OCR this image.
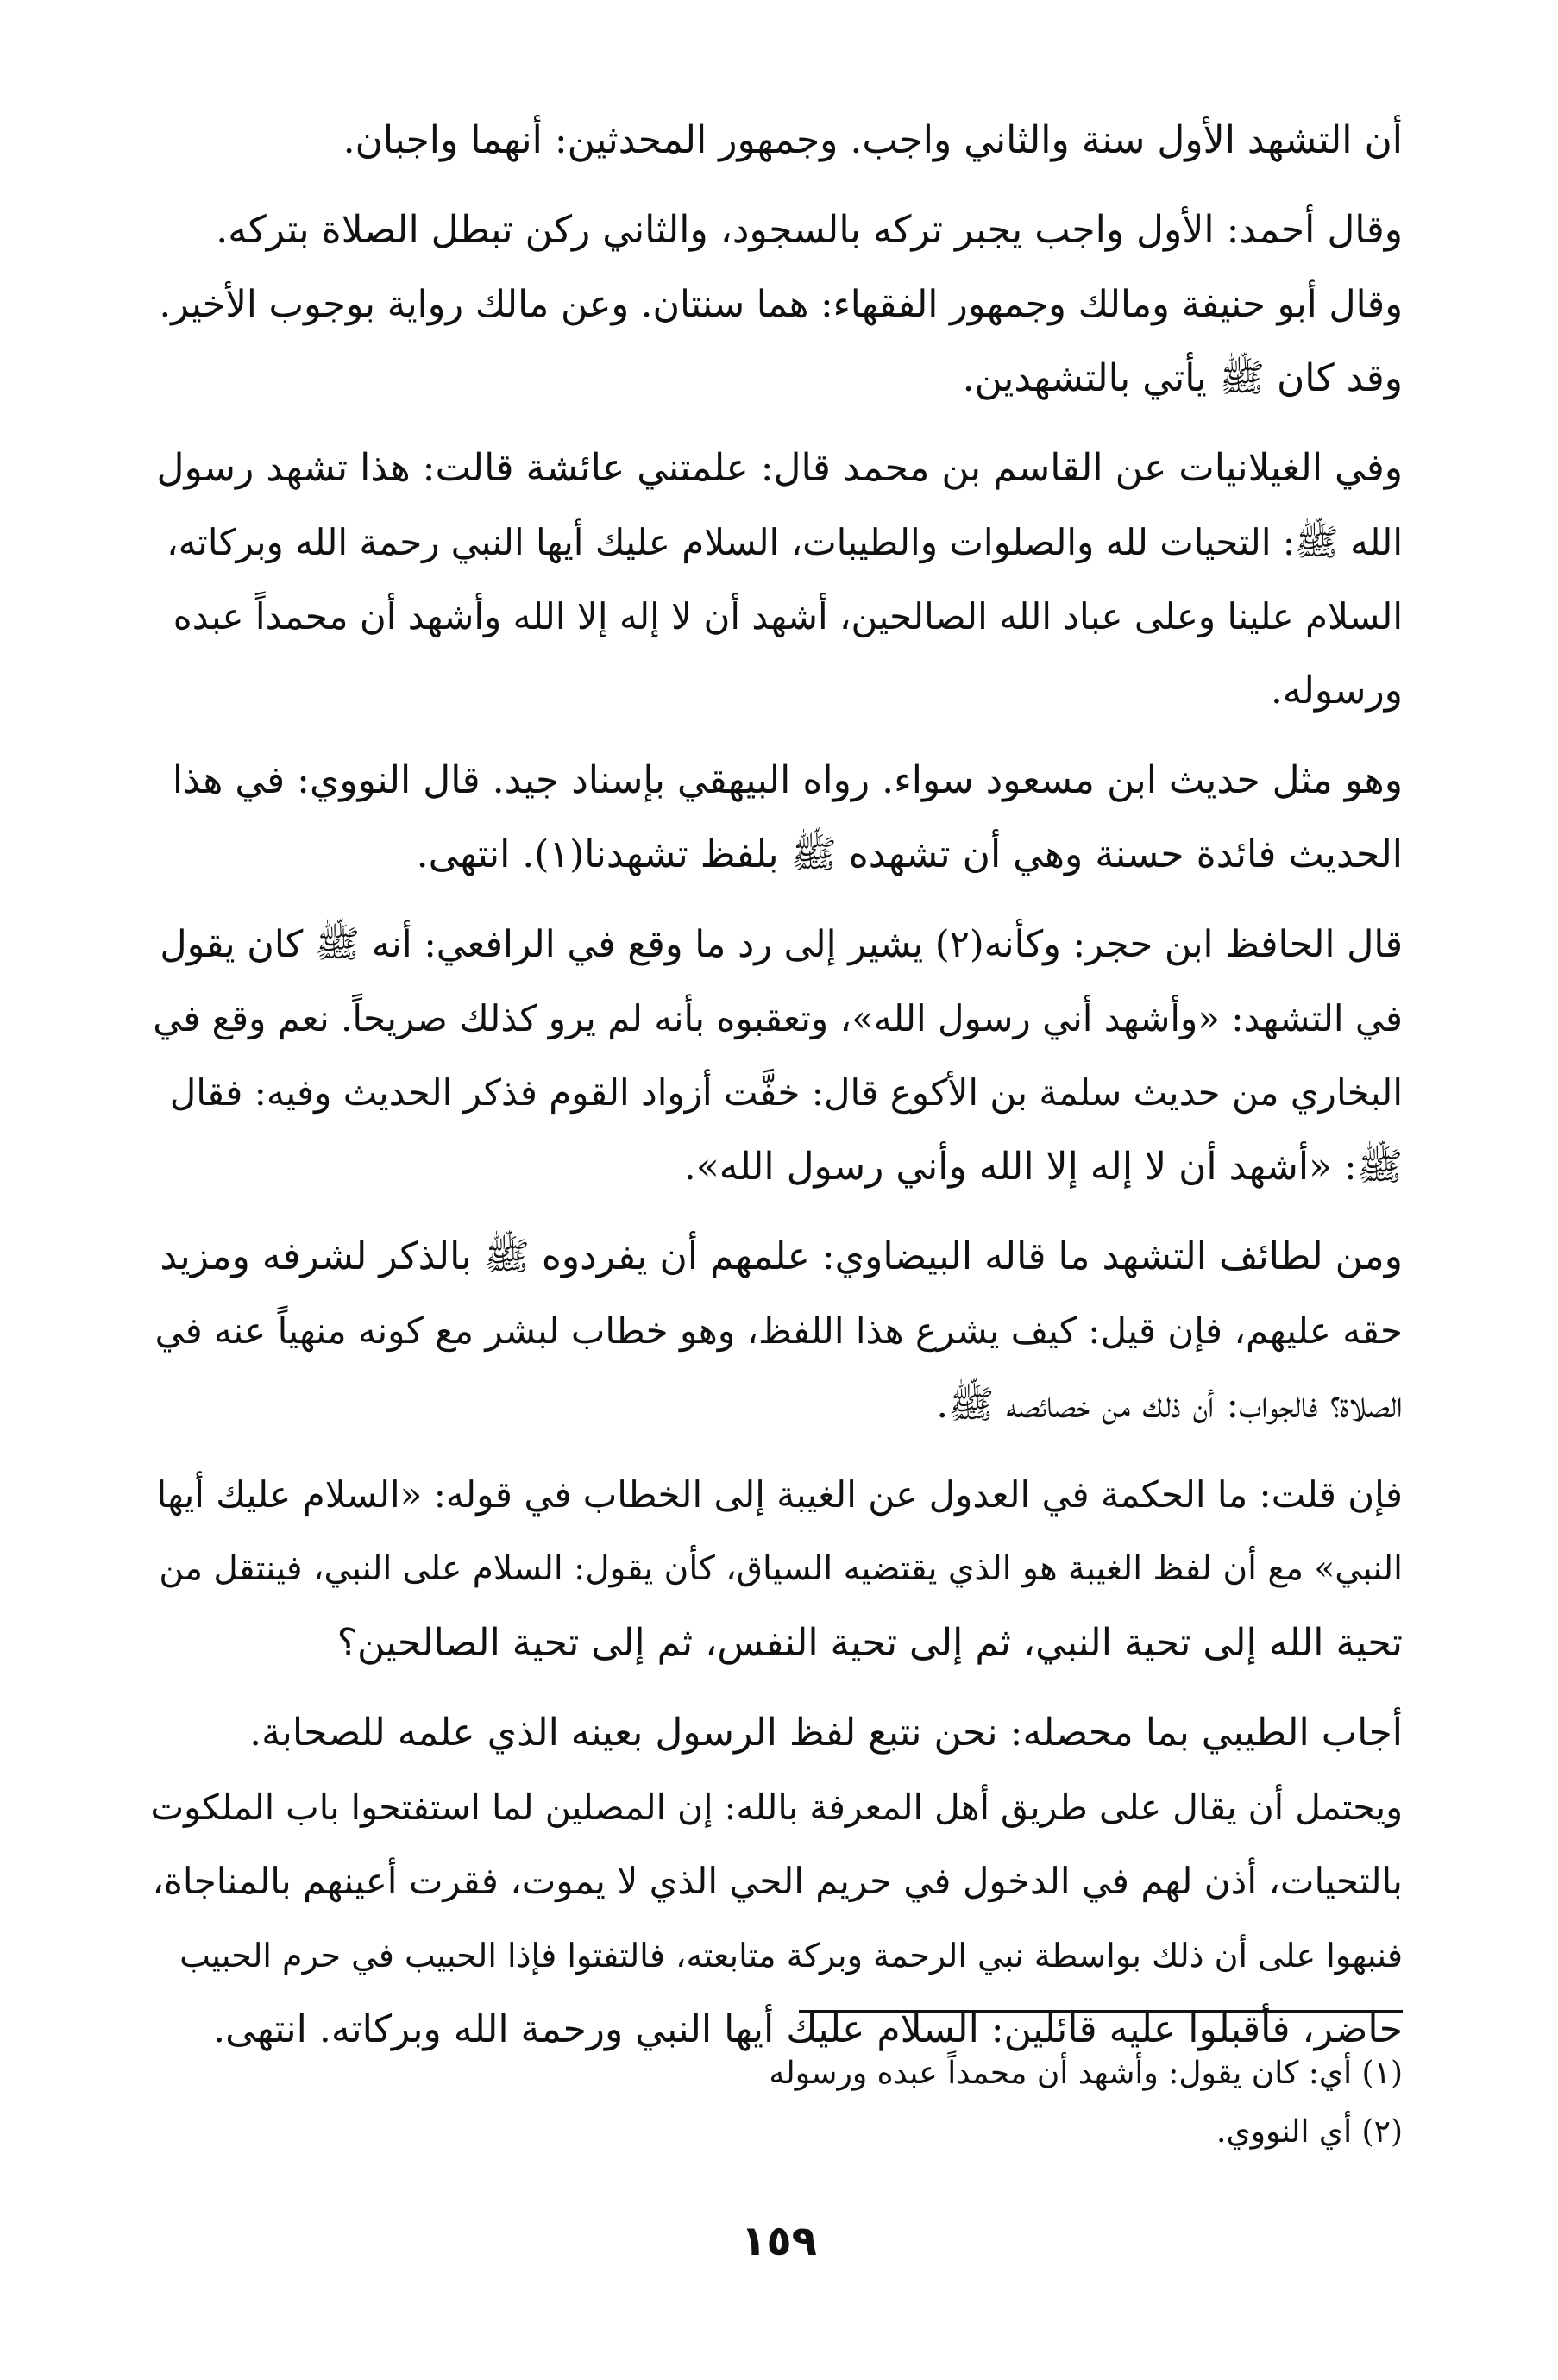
أن التشهد الأول سنة والثاني واجب. وجمهور المحدثين: أنهما واجبان.
وقال أحمد: الأول واجب يجبر تركه بالسجود، والثاني ركن تبطل الصلاة بتركه.
وقال أبو حنيفة ومالك وجمهور الفقهاء: هما سنتان. وعن مالك رواية بوجوب الأخير.
وقد كان ﷺ يأتي بالتشهدين.
وفي الغيلانيات عن القاسم بن محمد قال: علمتني عائشة قالت: هذا تشهد رسول
الله ﷺ: التحيات لله والصلوات والطيبات، السلام عليك أيها النبي رحمة الله وبركاته،
السلام علينا وعلى عباد الله الصالحين، أشهد أن لا إله إلا الله وأشهد أن محمداً عبده
ورسوله.
وهو مثل حديث ابن مسعود سواء. رواه البيهقي بإسناد جيد. قال النووي: في هذا
الحديث فائدة حسنة وهي أن تشهده ﷺ بلفظ تشهدنا(١). انتهى.
قال الحافظ ابن حجر: وكأنه(٢) يشير إلى رد ما وقع في الرافعي: أنه ﷺ كان يقول
في التشهد: «وأشهد أني رسول الله»، وتعقبوه بأنه لم يرو كذلك صريحاً. نعم وقع في
البخاري من حديث سلمة بن الأكوع قال: خفَّت أزواد القوم فذكر الحديث وفيه: فقال
ﷺ: «أشهد أن لا إله إلا الله وأني رسول الله».
ومن لطائف التشهد ما قاله البيضاوي: علمهم أن يفردوه ﷺ بالذكر لشرفه ومزيد
حقه عليهم، فإن قيل: كيف يشرع هذا اللفظ، وهو خطاب لبشر مع كونه منهياً عنه في
الصلاة؟ فالجواب: أن ذلك من خصائصه ﷺ.
فإن قلت: ما الحكمة في العدول عن الغيبة إلى الخطاب في قوله: «السلام عليك أيها
النبي» مع أن لفظ الغيبة هو الذي يقتضيه السياق، كأن يقول: السلام على النبي، فينتقل من
تحية الله إلى تحية النبي، ثم إلى تحية النفس، ثم إلى تحية الصالحين؟
أجاب الطيبي بما محصله: نحن نتبع لفظ الرسول بعينه الذي علمه للصحابة.
ويحتمل أن يقال على طريق أهل المعرفة بالله: إن المصلين لما استفتحوا باب الملكوت
بالتحيات، أذن لهم في الدخول في حريم الحي الذي لا يموت، فقرت أعينهم بالمناجاة،
فنبهوا على أن ذلك بواسطة نبي الرحمة وبركة متابعته، فالتفتوا فإذا الحبيب في حرم الحبيب
حاضر، فأقبلوا عليه قائلين: السلام عليك أيها النبي ورحمة الله وبركاته. انتهى.
(١) أي: كان يقول: وأشهد أن محمداً عبده ورسوله
(٢) أي النووي.
١٥٩
